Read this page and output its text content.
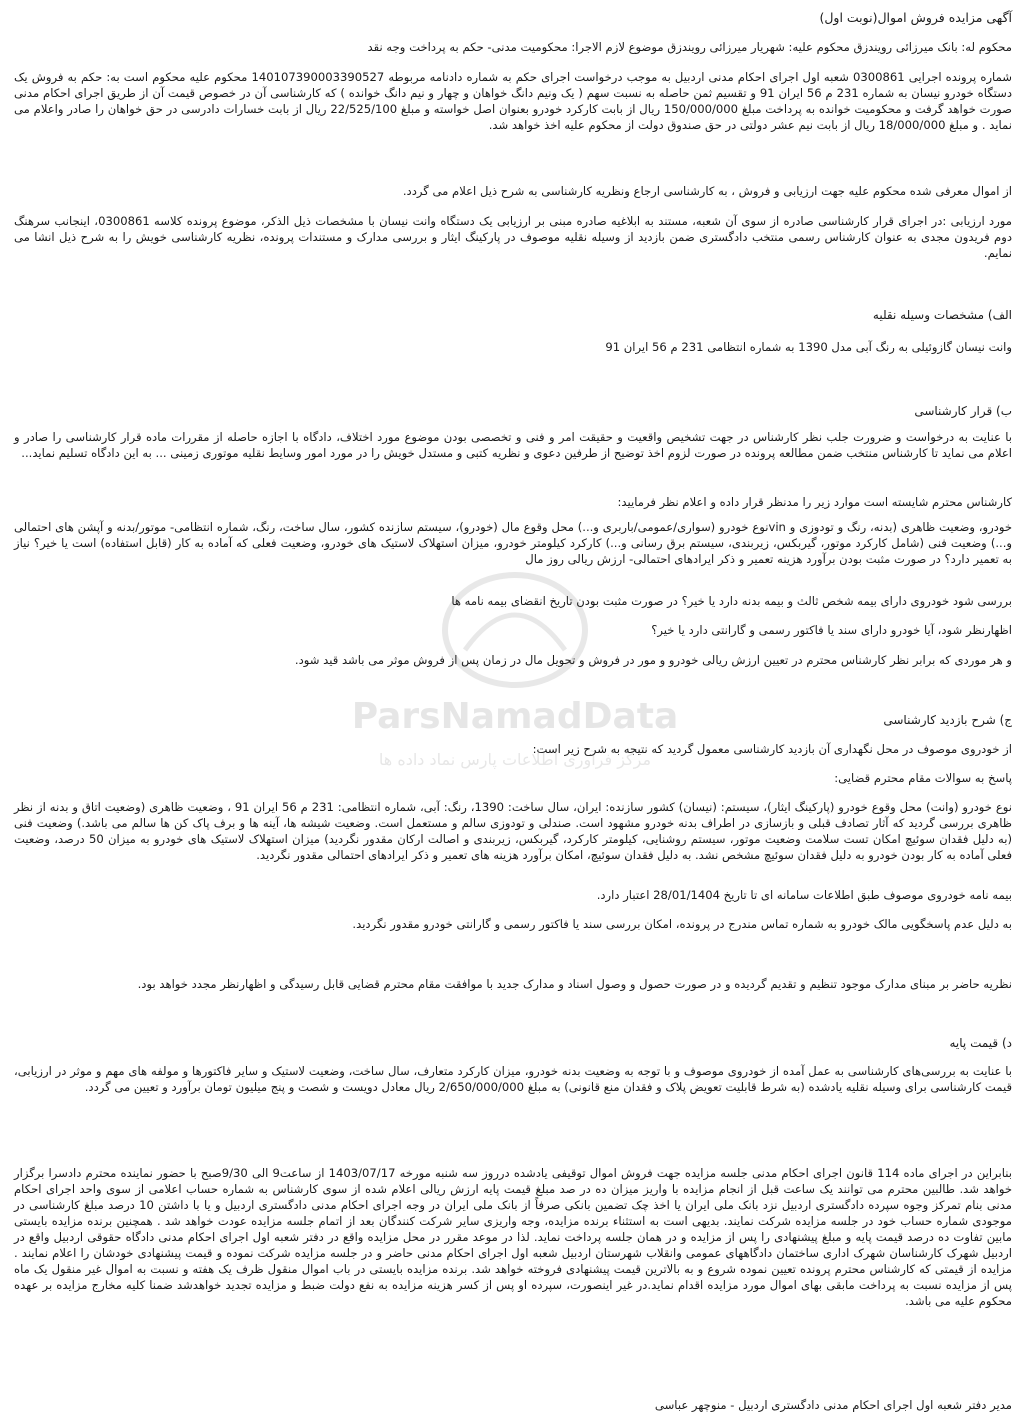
آگهی مزایده فروش اموال(نوبت اول)

محکوم له: بانک میرزائی رویندزق محکوم علیه: شهریار میرزائی رویندزق موضوع لازم الاجرا: محکومیت مدنی- حکم به پرداخت وجه نقد

شماره پرونده اجرایی 0300861 شعبه اول اجرای احکام مدنی اردبیل به موجب درخواست اجرای حکم به شماره دادنامه مربوطه 140107390003390527 محکوم علیه محکوم است به: حکم به فروش یک دستگاه خودرو نیسان به شماره 231 م 56 ایران 91 و تقسیم ثمن حاصله به نسبت سهم ( یک ونیم دانگ خواهان و چهار و نیم دانگ خوانده ) که کارشناسی آن در خصوص قیمت آن از طریق اجرای احکام مدنی صورت خواهد گرفت و محکومیت خوانده به پرداخت مبلغ 150/000/000 ریال از بابت کارکرد خودرو بعنوان اصل خواسته و مبلغ 22/525/100 ریال از بابت خسارات دادرسی در حق خواهان را صادر واعلام می نماید . و مبلغ 18/000/000 ریال از بابت نیم عشر دولتی در حق صندوق دولت از محکوم علیه اخذ خواهد شد.

از اموال معرفی شده محکوم علیه جهت ارزیابی و فروش ، به کارشناسی ارجاع ونظریه کارشناسی به شرح ذیل اعلام می گردد.

مورد ارزیابی :در اجرای قرار کارشناسی صادره از سوی آن شعبه، مستند به ابلاغیه صادره مبنی بر ارزیابی یک دستگاه وانت نیسان با مشخصات ذیل الذکر، موضوع پرونده کلاسه 0300861، اینجانب سرهنگ دوم فریدون مجدی به عنوان کارشناس رسمی منتخب دادگستری ضمن بازدید از وسیله نقلیه موصوف در پارکینگ ایثار و بررسی مدارک و مستندات پرونده، نظریه کارشناسی خویش را به شرح ذیل انشا می نمایم.

الف) مشخصات وسیله نقلیه

وانت نیسان گازوئیلی به رنگ آبی مدل 1390 به شماره انتظامی 231 م 56 ایران 91

ب) قرار کارشناسی

با عنایت به درخواست و ضرورت جلب نظر کارشناس در جهت تشخیص واقعیت و حقیقت امر و فنی و تخصصی بودن موضوع مورد اختلاف، دادگاه با اجازه حاصله از مقررات ماده قرار کارشناسی را صادر و اعلام می نماید تا کارشناس منتخب ضمن مطالعه پرونده در صورت لزوم اخذ توضیح از طرفین دعوی و نظریه کتبی و مستدل خویش را در مورد امور وسایط نقلیه موتوری زمینی ... به این دادگاه تسلیم نماید...

کارشناس محترم شایسته است موارد زیر را مدنظر قرار داده و اعلام نظر فرمایید:

خودرو، وضعیت ظاهری (بدنه، رنگ و تودوزی و vinنوع خودرو (سواری/عمومی/باربری و...) محل وقوع مال (خودرو)، سیستم سازنده کشور، سال ساخت، رنگ، شماره انتظامی- موتور/بدنه و آپشن های احتمالی و...) وضعیت فنی (شامل کارکرد موتور، گیربکس، زیربندی، سیستم برق رسانی و...) کارکرد کیلومتر خودرو، میزان استهلاک لاستیک های خودرو، وضعیت فعلی که آماده به کار (قابل استفاده) است یا خیر؟ نیاز به تعمیر دارد؟ در صورت مثبت بودن برآورد هزینه تعمیر و ذکر ایرادهای احتمالی- ارزش ریالی روز مال

بررسی شود خودروی دارای بیمه شخص ثالث و بیمه بدنه دارد یا خیر؟ در صورت مثبت بودن تاریخ انقضای بیمه نامه ها

اظهارنظر شود، آیا خودرو دارای سند یا فاکتور رسمی و گارانتی دارد یا خیر؟

و هر موردی که برابر نظر کارشناس محترم در تعیین ارزش ریالی خودرو و مور در فروش و تحویل مال در زمان پس از فروش موثر می باشد قید شود.

ج) شرح بازدید کارشناسی

از خودروی موصوف در محل نگهداری آن بازدید کارشناسی معمول گردید که نتیجه به شرح زیر است:

پاسخ به سوالات مقام محترم قضایی:

نوع خودرو (وانت) محل وقوع خودرو (پارکینگ ایثار)، سیستم: (نیسان) کشور سازنده: ایران، سال ساخت: 1390، رنگ: آبی، شماره انتظامی: 231 م 56 ایران 91 ، وضعیت ظاهری (وضعیت اتاق و بدنه از نظر ظاهری بررسی گردید که آثار تصادف قبلی و بازسازی در اطراف بدنه خودرو مشهود است. صندلی و تودوزی سالم و مستعمل است. وضعیت شیشه ها، آینه ها و برف پاک کن ها سالم می باشد.) وضعیت فنی (به دلیل فقدان سوئیچ امکان تست سلامت وضعیت موتور، سیستم روشنایی، کیلومتر کارکرد، گیربکس، زیربندی و اصالت ارکان مقدور نگردید) میزان استهلاک لاستیک های خودرو به میزان 50 درصد، وضعیت فعلی آماده به کار بودن خودرو به دلیل فقدان سوئیچ مشخص نشد. به دلیل فقدان سوئیچ، امکان برآورد هزینه های تعمیر و ذکر ایرادهای احتمالی مقدور نگردید.

بیمه نامه خودروی موصوف طبق اطلاعات سامانه ای تا تاریخ 28/01/1404 اعتبار دارد.

به دلیل عدم پاسخگویی مالک خودرو به شماره تماس مندرج در پرونده، امکان بررسی سند یا فاکتور رسمی و گارانتی خودرو مقدور نگردید.

نظریه حاضر بر مبنای مدارک موجود تنظیم و تقدیم گردیده و در صورت حصول و وصول اسناد و مدارک جدید با موافقت مقام محترم قضایی قابل رسیدگی و اظهارنظر مجدد خواهد بود.

د) قیمت پایه

با عنایت به بررسی‌های کارشناسی به عمل آمده از خودروی موصوف و با توجه به وضعیت بدنه خودرو، میزان کارکرد متعارف، سال ساخت، وضعیت لاستیک و سایر فاکتورها و مولفه های مهم و موثر در ارزیابی، قیمت کارشناسی برای وسیله نقلیه یادشده (به شرط قابلیت تعویض پلاک و فقدان منع قانونی) به مبلغ 2/650/000/000 ریال معادل دویست و شصت و پنج میلیون تومان برآورد و تعیین می گردد.

بنابراین در اجرای ماده 114 قانون اجرای احکام مدنی جلسه مزایده جهت فروش اموال توقیفی یادشده درروز سه شنبه مورخه 1403/07/17 از ساعت9 الی 9/30صبح با حضور نماینده محترم دادسرا برگزار خواهد شد. طالبین محترم می توانند یک ساعت قبل از انجام مزایده با واریز میزان ده در صد مبلغ قیمت پایه ارزش ریالی اعلام شده از سوی کارشناس به شماره حساب اعلامی از سوی واحد اجرای احکام مدنی بنام تمرکز وجوه سپرده دادگستری اردبیل نزد بانک ملی ایران یا اخذ چک تضمین بانکی صرفاً از بانک ملی ایران در وجه اجرای احکام مدنی دادگستری اردبیل و یا با داشتن 10 درصد مبلغ کارشناسی در موجودی شماره حساب خود در جلسه مزایده شرکت نمایند. بدیهی است به استثناء برنده مزایده، وجه واریزی سایر شرکت کنندگان بعد از اتمام جلسه مزایده عودت خواهد شد . همچنین برنده مزایده بایستی مابین تفاوت ده درصد قیمت پایه و مبلغ پیشنهادی را پس از مزایده و در همان جلسه پرداخت نماید. لذا در موعد مقرر در محل مزایده واقع در دفتر شعبه اول اجرای احکام مدنی دادگاه حقوقی اردبیل واقع در اردبیل شهرک کارشناسان شهرک اداری ساختمان دادگاههای عمومی وانقلاب شهرستان اردبیل شعبه اول اجرای احکام مدنی حاضر و در جلسه مزایده شرکت نموده و قیمت پیشنهادی خودشان را اعلام نمایند . مزایده از قیمتی که کارشناس محترم پرونده تعیین نموده شروع و به بالاترین قیمت پیشنهادی فروخته خواهد شد. برنده مزایده بایستی در باب اموال منقول ظرف یک هفته و نسبت به اموال غیر منقول یک ماه پس از مزایده نسبت به پرداخت مابقی بهای اموال مورد مزایده اقدام نماید.در غیر اینصورت، سپرده او پس از کسر هزینه مزایده به نفع دولت ضبط و مزایده تجدید خواهدشد ضمنا کلیه مخارج مزایده بر عهده محکوم علیه می باشد.

مدیر دفتر شعبه اول اجرای احکام مدنی دادگستری اردبیل - منوچهر عباسی

ParsNamadData
مرکز فرآوری اطلاعات پارس نماد داده ها
